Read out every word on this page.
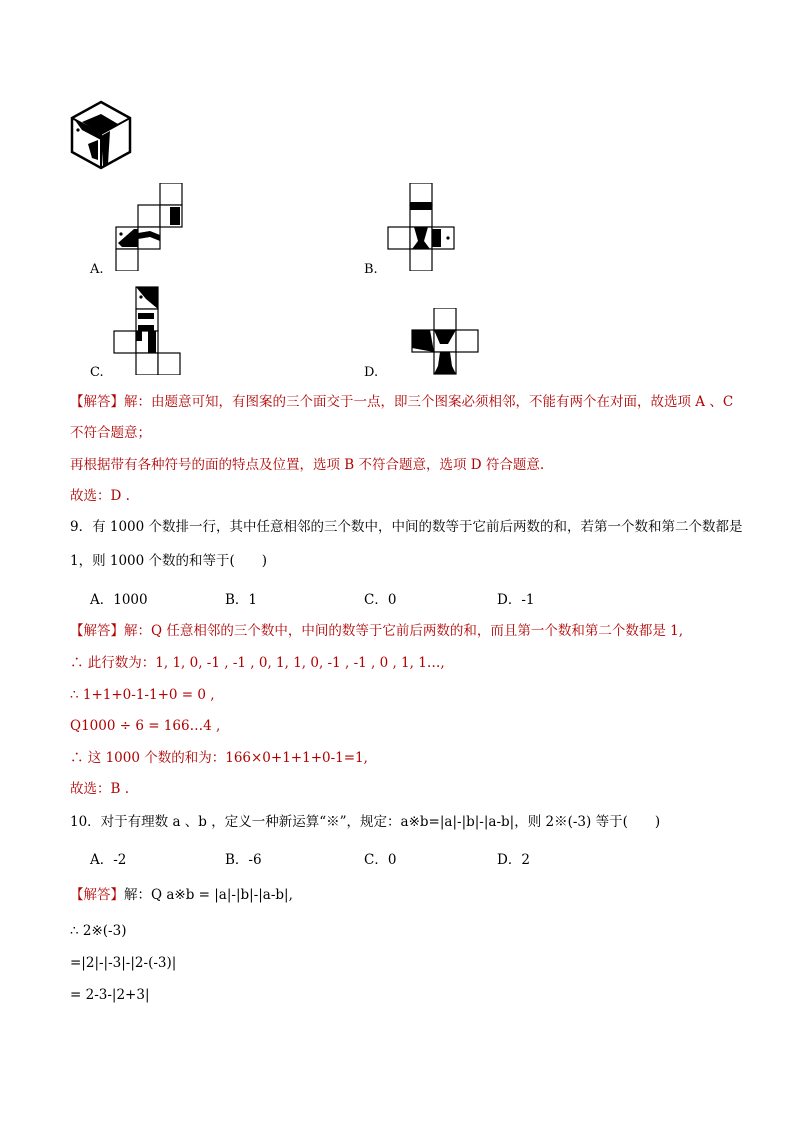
A.	B.
C.	D.
【解答】解：由题意可知，有图案的三个面交于一点，即三个图案必须相邻，不能有两个在对面，故选项 A 、C
不符合题意；
再根据带有各种符号的面的特点及位置，选项 B 不符合题意，选项 D 符合题意.
故选：D .
9．有 1000 个数排一行，其中任意相邻的三个数中，中间的数等于它前后两数的和，若第一个数和第二个数都是
1，则 1000 个数的和等于(　　)
A．1000	B．1	C．0	D．-1
【解答】解：Q 任意相邻的三个数中，中间的数等于它前后两数的和，而且第一个数和第二个数都是 1,
∴ 此行数为：1, 1, 0, -1 , -1 , 0, 1, 1, 0, -1 , -1 , 0 , 1, 1…,
∴ 1+1+0-1-1+0 = 0 ,
Q1000 ÷ 6 = 166…4 ,
∴ 这 1000 个数的和为：166×0+1+1+0-1=1,
故选：B .
10．对于有理数 a 、b ，定义一种新运算“※”，规定：a※b=|a|-|b|-|a-b|，则 2※(-3) 等于(　　)
A．-2	B．-6	C．0	D．2
【解答】解：Q a※b = |a|-|b|-|a-b|,
∴ 2※(-3)
=|2|-|-3|-|2-(-3)|
= 2-3-|2+3|
